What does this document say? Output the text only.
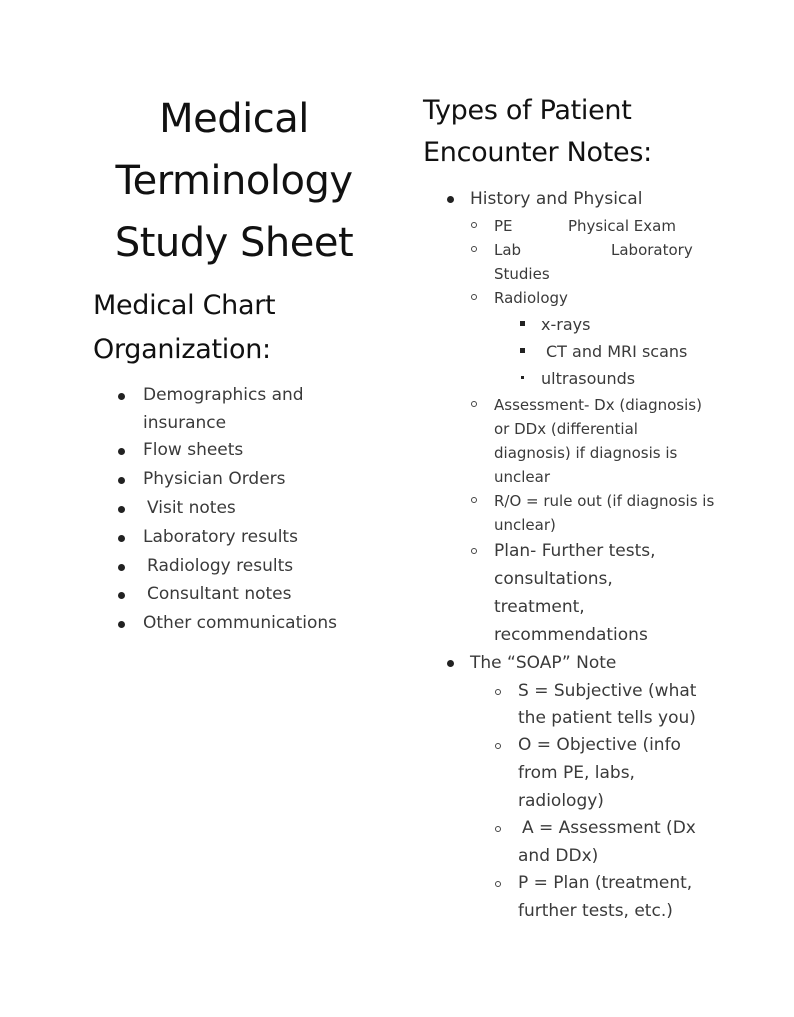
Medical
Terminology
Study Sheet
Medical Chart
Organization:
Demographics and
insurance
Flow sheets
Physician Orders
Visit notes
Laboratory results
Radiology results
Consultant notes
Other communications
Types of Patient
Encounter Notes:
History and Physical
PE	Physical Exam
Lab	Laboratory
Studies
Radiology
x-rays
CT and MRI scans
ultrasounds
Assessment- Dx (diagnosis)
or DDx (differential
diagnosis) if diagnosis is
unclear
R/O = rule out (if diagnosis is
unclear)
Plan- Further tests,
consultations,
treatment,
recommendations
The “SOAP” Note
S = Subjective (what
the patient tells you)
O = Objective (info
from PE, labs,
radiology)
A = Assessment (Dx
and DDx)
P = Plan (treatment,
further tests, etc.)
